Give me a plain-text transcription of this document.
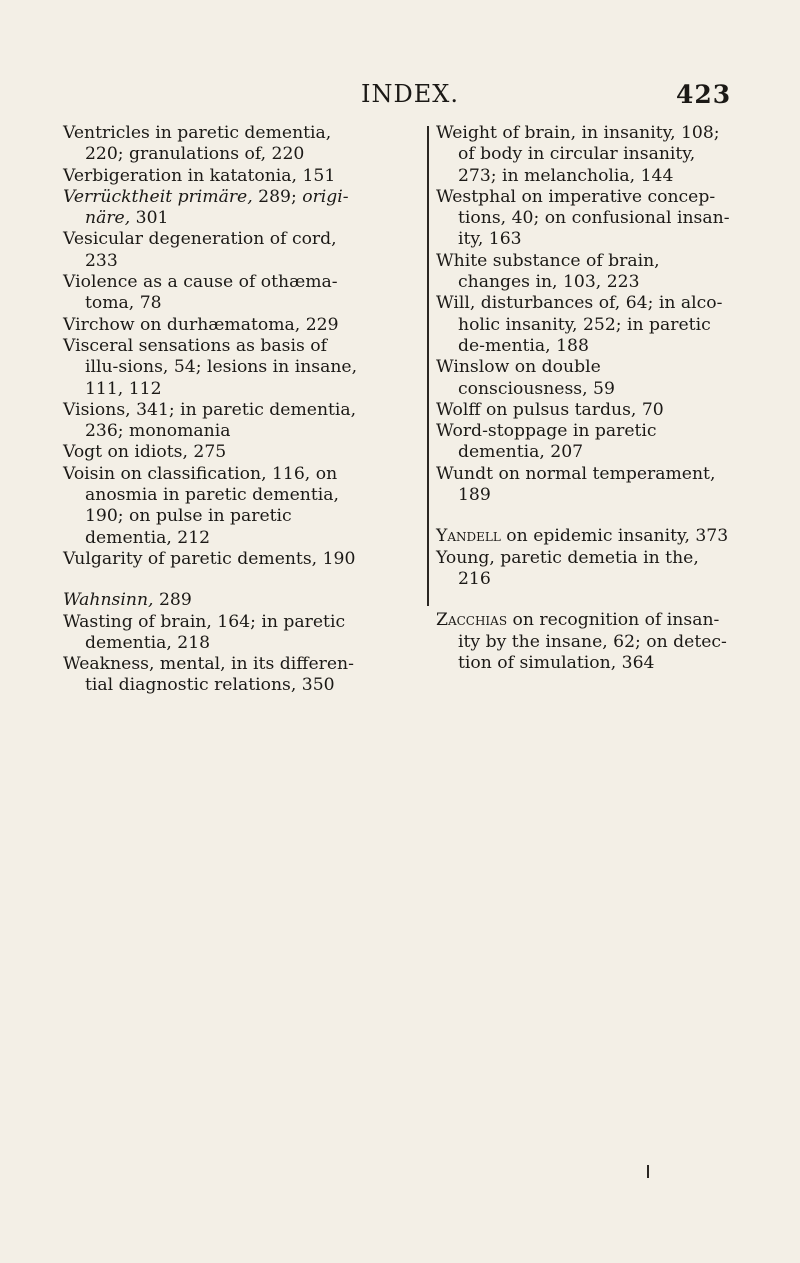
INDEX.	423

Ventricles in paretic dementia, 220; granulations of, 220

Verbigeration in katatonia, 151

Verrücktheit primäre, 289; origi-näre, 301

Vesicular degeneration of cord, 233

Violence as a cause of othæma-toma, 78

Virchow on durhæmatoma, 229

Visceral sensations as basis of illu-sions, 54; lesions in insane, 111, 112

Visions, 341; in paretic dementia, 236; monomania

Vogt on idiots, 275

Voisin on classification, 116, on anosmia in paretic dementia, 190; on pulse in paretic dementia, 212

Vulgarity of paretic dements, 190

Wahnsinn, 289

Wasting of brain, 164; in paretic dementia, 218

Weakness, mental, in its differen-tial diagnostic relations, 350

Weight of brain, in insanity, 108; of body in circular insanity, 273; in melancholia, 144

Westphal on imperative concep-tions, 40; on confusional insan-ity, 163

White substance of brain, changes in, 103, 223

Will, disturbances of, 64; in alco-holic insanity, 252; in paretic de-mentia, 188

Winslow on double consciousness, 59

Wolff on pulsus tardus, 70

Word-stoppage in paretic dementia, 207

Wundt on normal temperament, 189

Yandell on epidemic insanity, 373

Young, paretic demetia in the, 216

Zacchias on recognition of insan-ity by the insane, 62; on detec-tion of simulation, 364
